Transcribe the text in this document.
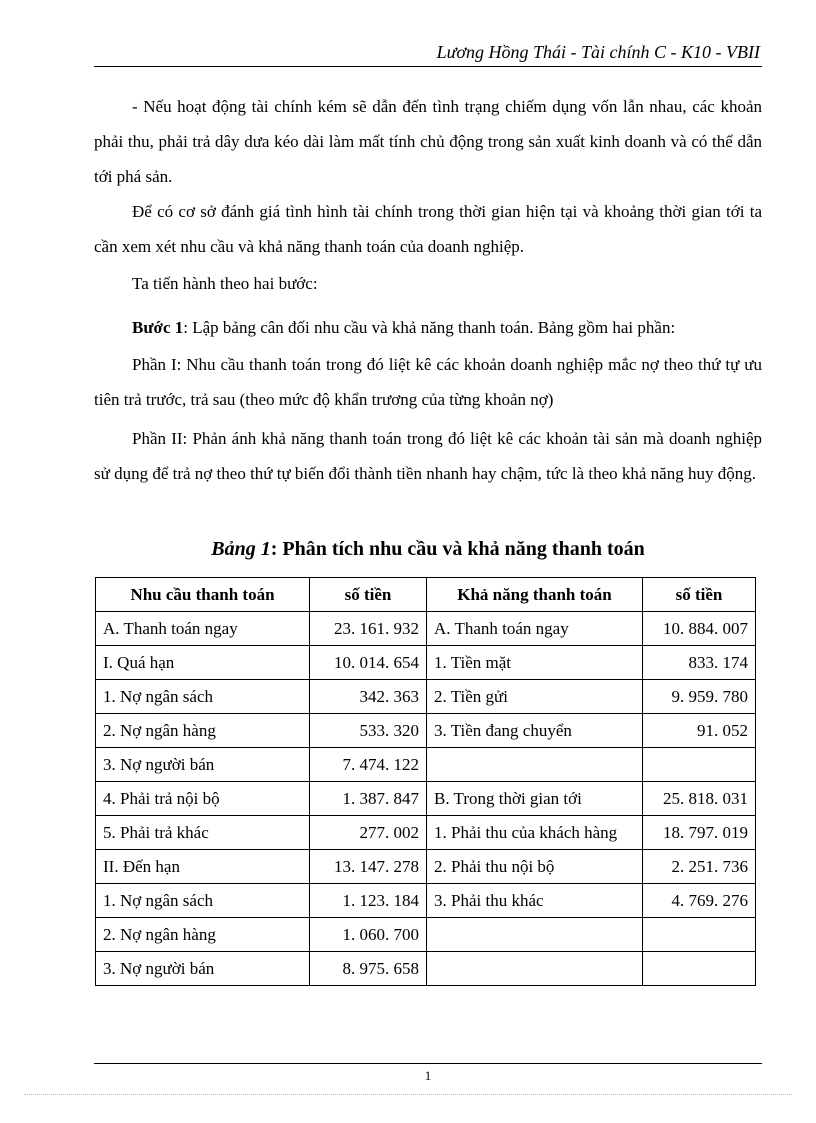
Lương Hồng Thái - Tài chính C - K10 - VBII

- Nếu hoạt động tài chính kém sẽ dẫn đến tình trạng chiếm dụng vốn lẫn nhau, các khoản phải thu, phải trả dây dưa kéo dài làm mất tính chủ động trong sản xuất kinh doanh và có thể dẫn tới phá sản.

Để có cơ sở đánh giá tình hình tài chính trong thời gian hiện tại và khoảng thời gian tới ta cần xem xét nhu cầu và khả năng thanh toán của doanh nghiệp.

Ta tiến hành theo hai bước:

Bước 1: Lập bảng cân đối nhu cầu và khả năng thanh toán. Bảng gồm hai phần:

Phần I: Nhu cầu thanh toán trong đó liệt kê các khoản doanh nghiệp mắc nợ theo thứ tự ưu tiên trả trước, trả sau (theo mức độ khẩn trương của từng khoản nợ)

Phần II: Phản ánh khả năng thanh toán trong đó liệt kê các khoản tài sản mà doanh nghiệp sử dụng để trả nợ theo thứ tự biến đổi thành tiền nhanh hay chậm, tức là theo khả năng huy động.

Bảng 1: Phân tích nhu cầu và khả năng thanh toán
Nhu cầu thanh toán	số tiền	Khả năng thanh toán	số tiền
A. Thanh toán ngay	23. 161. 932	A. Thanh toán ngay	10. 884. 007
I. Quá hạn	10. 014. 654	1. Tiền mặt	833. 174
1. Nợ ngân sách	342. 363	2. Tiền gửi	9. 959. 780
2. Nợ ngân hàng	533. 320	3. Tiền đang chuyển	91. 052
3. Nợ người bán	7. 474. 122		
4. Phải trả nội bộ	1. 387. 847	B. Trong thời gian tới	25. 818. 031
5. Phải trả khác	277. 002	1. Phải thu của khách hàng	18. 797. 019
II. Đến hạn	13. 147. 278	2. Phải thu nội bộ	2. 251. 736
1. Nợ ngân sách	1. 123. 184	3. Phải thu khác	4. 769. 276
2. Nợ ngân hàng	1. 060. 700		
3. Nợ người bán	8. 975. 658		
1
